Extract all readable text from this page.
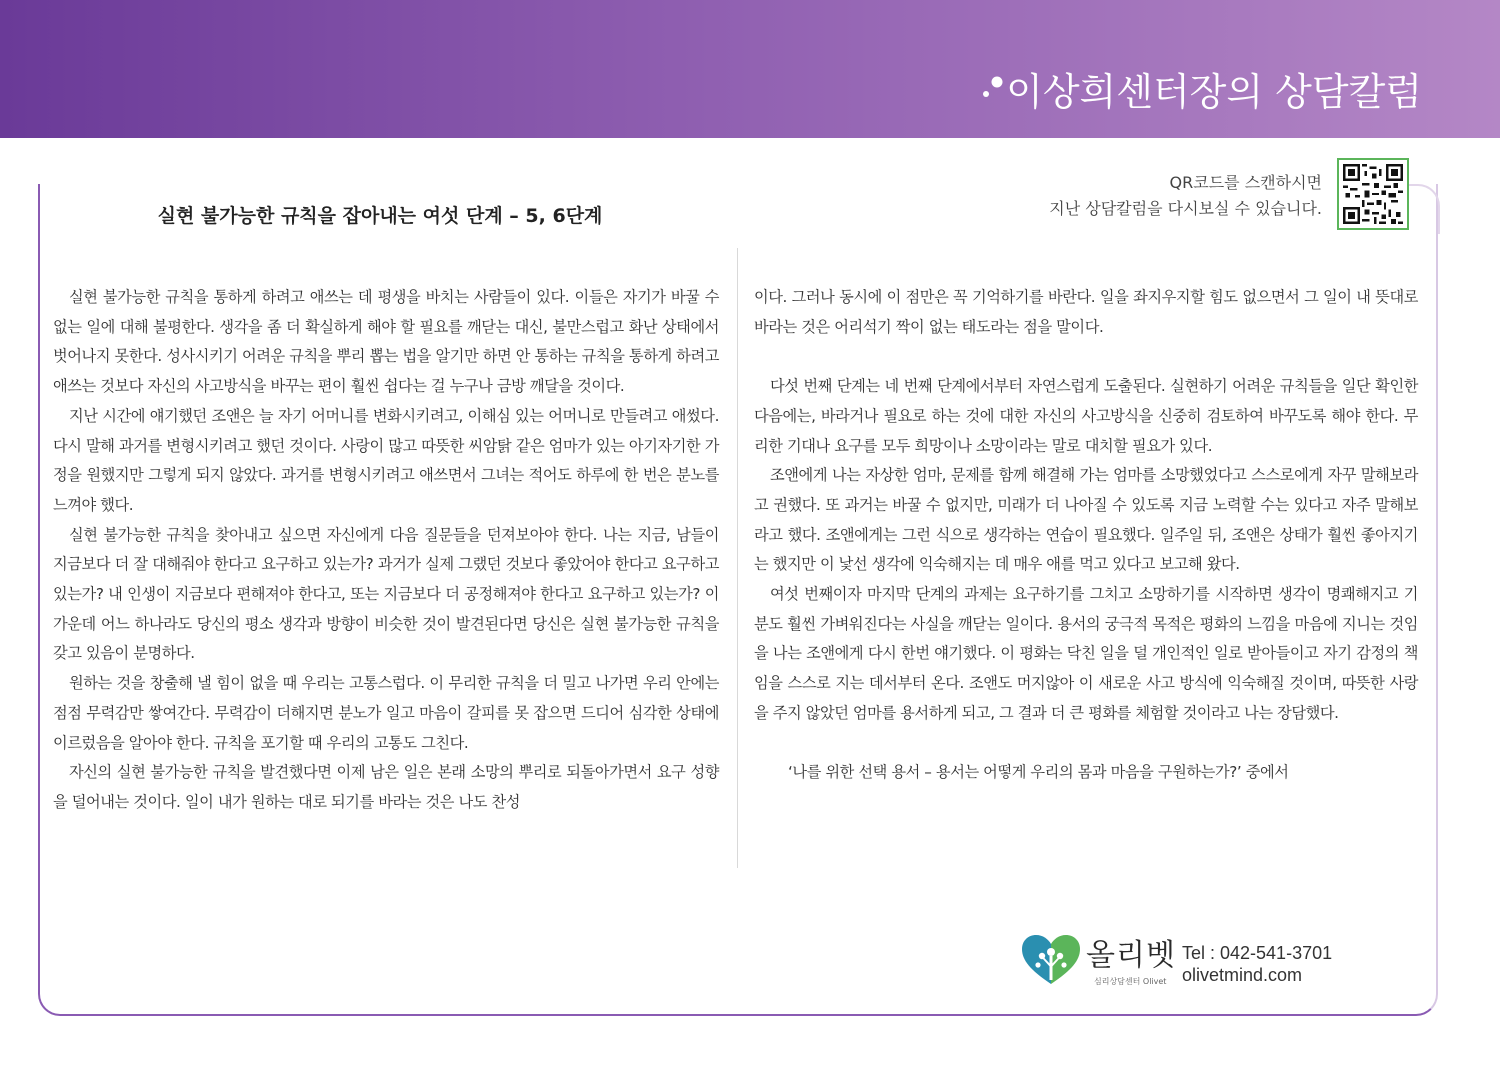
이상희센터장의 상담칼럼
실현 불가능한 규칙을 잡아내는 여섯 단계 – 5, 6단계
QR코드를 스캔하시면
지난 상담칼럼을 다시보실 수 있습니다.

실현 불가능한 규칙을 통하게 하려고 애쓰는 데 평생을 바치는 사람들이 있다. 이들은 자기가 바꿀 수 없는 일에 대해 불평한다. 생각을 좀 더 확실하게 해야 할 필요를 깨닫는 대신, 불만스럽고 화난 상태에서 벗어나지 못한다. 성사시키기 어려운 규칙을 뿌리 뽑는 법을 알기만 하면 안 통하는 규칙을 통하게 하려고 애쓰는 것보다 자신의 사고방식을 바꾸는 편이 훨씬 쉽다는 걸 누구나 금방 깨달을 것이다.

지난 시간에 얘기했던 조앤은 늘 자기 어머니를 변화시키려고, 이해심 있는 어머니로 만들려고 애썼다. 다시 말해 과거를 변형시키려고 했던 것이다. 사랑이 많고 따뜻한 씨암탉 같은 엄마가 있는 아기자기한 가정을 원했지만 그렇게 되지 않았다. 과거를 변형시키려고 애쓰면서 그녀는 적어도 하루에 한 번은 분노를 느껴야 했다.

실현 불가능한 규칙을 찾아내고 싶으면 자신에게 다음 질문들을 던져보아야 한다. 나는 지금, 남들이 지금보다 더 잘 대해줘야 한다고 요구하고 있는가? 과거가 실제 그랬던 것보다 좋았어야 한다고 요구하고 있는가? 내 인생이 지금보다 편해져야 한다고, 또는 지금보다 더 공정해져야 한다고 요구하고 있는가? 이 가운데 어느 하나라도 당신의 평소 생각과 방향이 비슷한 것이 발견된다면 당신은 실현 불가능한 규칙을 갖고 있음이 분명하다.

원하는 것을 창출해 낼 힘이 없을 때 우리는 고통스럽다. 이 무리한 규칙을 더 밀고 나가면 우리 안에는 점점 무력감만 쌓여간다. 무력감이 더해지면 분노가 일고 마음이 갈피를 못 잡으면 드디어 심각한 상태에 이르렀음을 알아야 한다. 규칙을 포기할 때 우리의 고통도 그친다.

자신의 실현 불가능한 규칙을 발견했다면 이제 남은 일은 본래 소망의 뿌리로 되돌아가면서 요구 성향을 덜어내는 것이다. 일이 내가 원하는 대로 되기를 바라는 것은 나도 찬성

이다. 그러나 동시에 이 점만은 꼭 기억하기를 바란다. 일을 좌지우지할 힘도 없으면서 그 일이 내 뜻대로 바라는 것은 어리석기 짝이 없는 태도라는 점을 말이다.

다섯 번째 단계는 네 번째 단계에서부터 자연스럽게 도출된다. 실현하기 어려운 규칙들을 일단 확인한 다음에는, 바라거나 필요로 하는 것에 대한 자신의 사고방식을 신중히 검토하여 바꾸도록 해야 한다. 무리한 기대나 요구를 모두 희망이나 소망이라는 말로 대치할 필요가 있다.

조앤에게 나는 자상한 엄마, 문제를 함께 해결해 가는 엄마를 소망했었다고 스스로에게 자꾸 말해보라고 권했다. 또 과거는 바꿀 수 없지만, 미래가 더 나아질 수 있도록 지금 노력할 수는 있다고 자주 말해보라고 했다. 조앤에게는 그런 식으로 생각하는 연습이 필요했다. 일주일 뒤, 조앤은 상태가 훨씬 좋아지기는 했지만 이 낯선 생각에 익숙해지는 데 매우 애를 먹고 있다고 보고해 왔다.

여섯 번째이자 마지막 단계의 과제는 요구하기를 그치고 소망하기를 시작하면 생각이 명쾌해지고 기분도 훨씬 가벼워진다는 사실을 깨닫는 일이다. 용서의 궁극적 목적은 평화의 느낌을 마음에 지니는 것임을 나는 조앤에게 다시 한번 얘기했다. 이 평화는 닥친 일을 덜 개인적인 일로 받아들이고 자기 감정의 책임을 스스로 지는 데서부터 온다. 조앤도 머지않아 이 새로운 사고 방식에 익숙해질 것이며, 따뜻한 사랑을 주지 않았던 엄마를 용서하게 되고, 그 결과 더 큰 평화를 체험할 것이라고 나는 장담했다.

‘나를 위한 선택 용서 – 용서는 어떻게 우리의 몸과 마음을 구원하는가?’ 중에서

올리벳
심리상담센터 Olivet
Tel : 042-541-3701
olivetmind.com
